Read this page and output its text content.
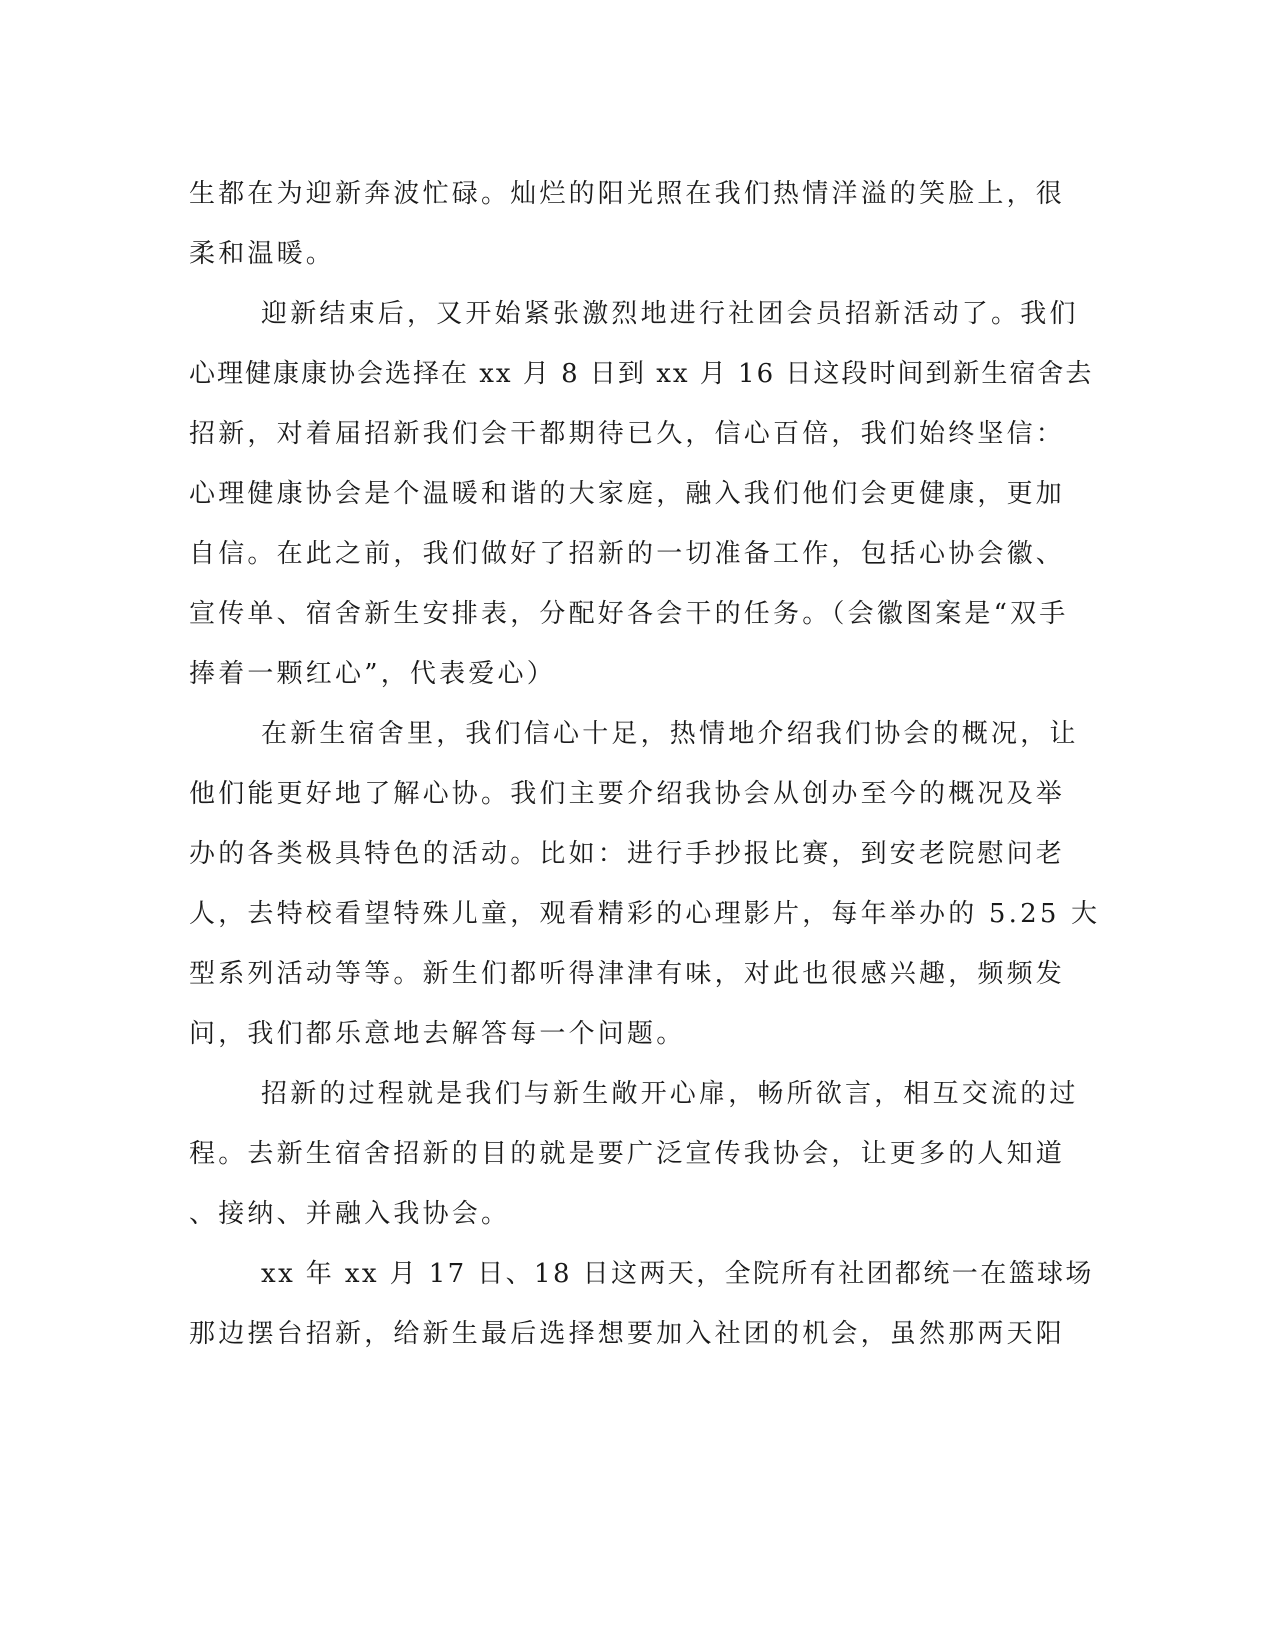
生都在为迎新奔波忙碌。灿烂的阳光照在我们热情洋溢的笑脸上，很
柔和温暖。
迎新结束后，又开始紧张激烈地进行社团会员招新活动了。我们
心理健康康协会选择在 xx 月 8 日到 xx 月 16 日这段时间到新生宿舍去
招新，对着届招新我们会干都期待已久，信心百倍，我们始终坚信：
心理健康协会是个温暖和谐的大家庭，融入我们他们会更健康，更加
自信。在此之前，我们做好了招新的一切准备工作，包括心协会徽、
宣传单、宿舍新生安排表，分配好各会干的任务。（会徽图案是“双手
捧着一颗红心”，代表爱心）
在新生宿舍里，我们信心十足，热情地介绍我们协会的概况，让
他们能更好地了解心协。我们主要介绍我协会从创办至今的概况及举
办的各类极具特色的活动。比如：进行手抄报比赛，到安老院慰问老
人，去特校看望特殊儿童，观看精彩的心理影片，每年举办的 5.25 大
型系列活动等等。新生们都听得津津有味，对此也很感兴趣，频频发
问，我们都乐意地去解答每一个问题。
招新的过程就是我们与新生敞开心扉，畅所欲言，相互交流的过
程。去新生宿舍招新的目的就是要广泛宣传我协会，让更多的人知道
、接纳、并融入我协会。
xx 年 xx 月 17 日、18 日这两天，全院所有社团都统一在篮球场
那边摆台招新，给新生最后选择想要加入社团的机会，虽然那两天阳
